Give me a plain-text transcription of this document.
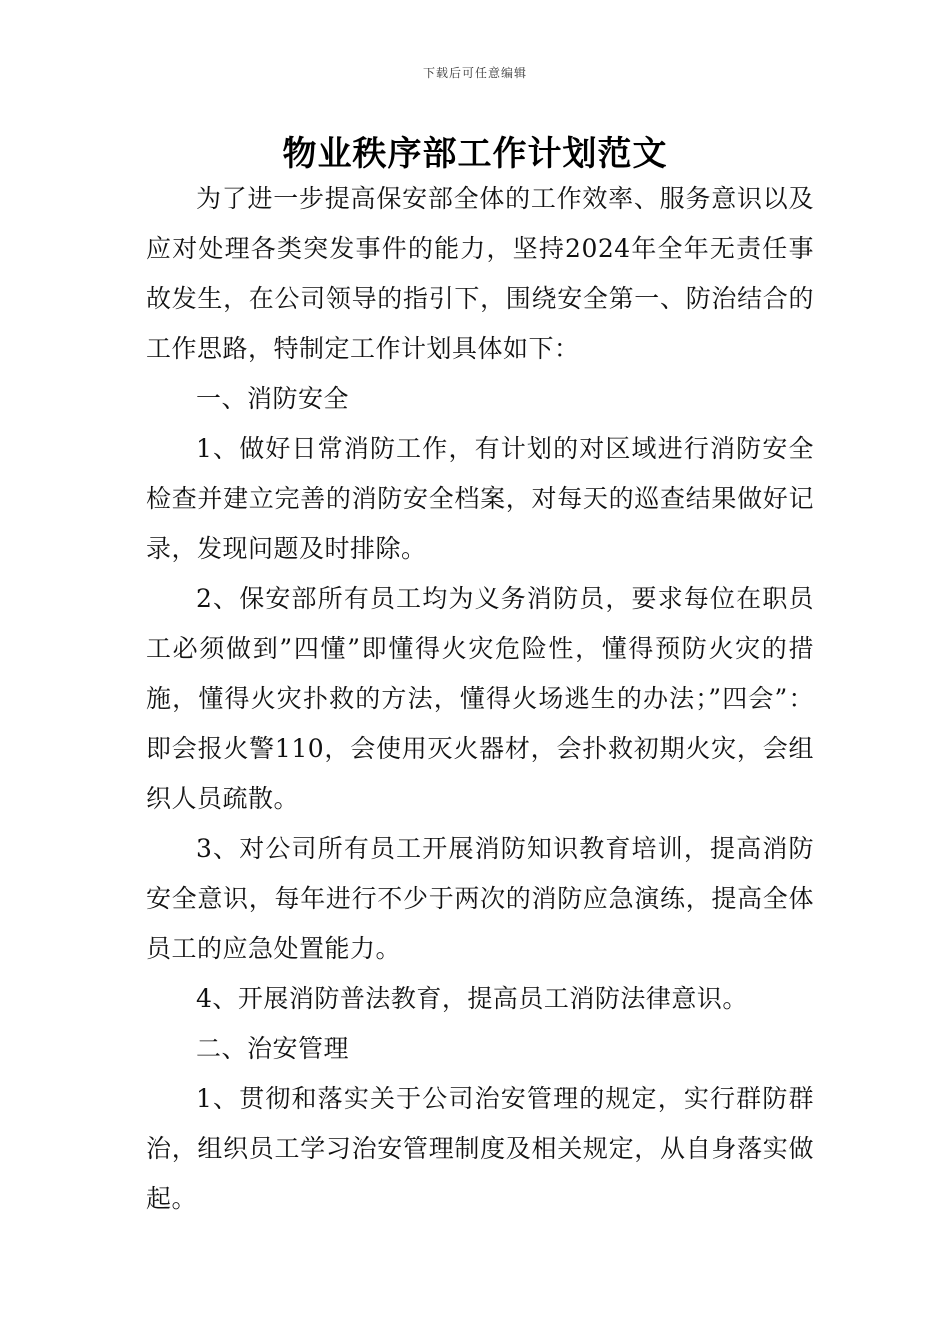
下载后可任意编辑
物业秩序部工作计划范文

为了进一步提高保安部全体的工作效率、服务意识以及应对处理各类突发事件的能力，坚持2024年全年无责任事故发生，在公司领导的指引下，围绕安全第一、防治结合的工作思路，特制定工作计划具体如下：

一、消防安全

1、做好日常消防工作，有计划的对区域进行消防安全检查并建立完善的消防安全档案，对每天的巡查结果做好记录，发现问题及时排除。

2、保安部所有员工均为义务消防员，要求每位在职员工必须做到”四懂”即懂得火灾危险性，懂得预防火灾的措施，懂得火灾扑救的方法，懂得火场逃生的办法；”四会”：即会报火警110，会使用灭火器材，会扑救初期火灾，会组织人员疏散。

3、对公司所有员工开展消防知识教育培训，提高消防安全意识，每年进行不少于两次的消防应急演练，提高全体员工的应急处置能力。

4、开展消防普法教育，提高员工消防法律意识。

二、治安管理

1、贯彻和落实关于公司治安管理的规定，实行群防群治，组织员工学习治安管理制度及相关规定，从自身落实做起。
